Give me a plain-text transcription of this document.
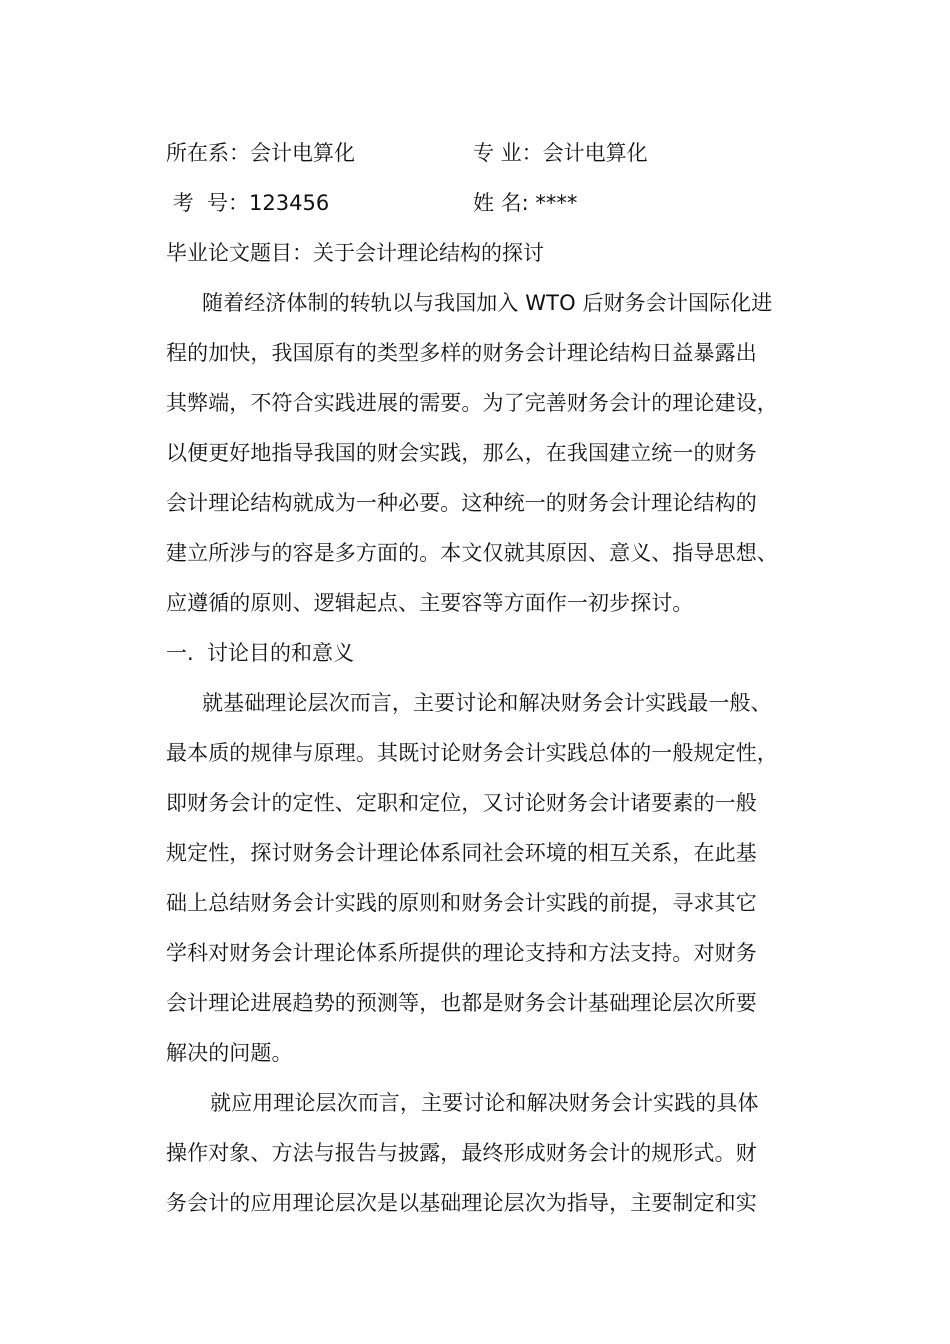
所在系：会计电算化	专 业：会计电算化
考  号：123456	姓 名: ****
毕业论文题目：关于会计理论结构的探讨
随着经济体制的转轨以与我国加入 WTO 后财务会计国际化进
程的加快，我国原有的类型多样的财务会计理论结构日益暴露出
其弊端，不符合实践进展的需要。为了完善财务会计的理论建设，
以便更好地指导我国的财会实践，那么，在我国建立统一的财务
会计理论结构就成为一种必要。这种统一的财务会计理论结构的
建立所涉与的容是多方面的。本文仅就其原因、意义、指导思想、
应遵循的原则、逻辑起点、主要容等方面作一初步探讨。
一.  讨论目的和意义
就基础理论层次而言，主要讨论和解决财务会计实践最一般、
最本质的规律与原理。其既讨论财务会计实践总体的一般规定性，
即财务会计的定性、定职和定位，又讨论财务会计诸要素的一般
规定性，探讨财务会计理论体系同社会环境的相互关系，在此基
础上总结财务会计实践的原则和财务会计实践的前提，寻求其它
学科对财务会计理论体系所提供的理论支持和方法支持。对财务
会计理论进展趋势的预测等，也都是财务会计基础理论层次所要
解决的问题。
就应用理论层次而言，主要讨论和解决财务会计实践的具体
操作对象、方法与报告与披露，最终形成财务会计的规形式。财
务会计的应用理论层次是以基础理论层次为指导，主要制定和实
